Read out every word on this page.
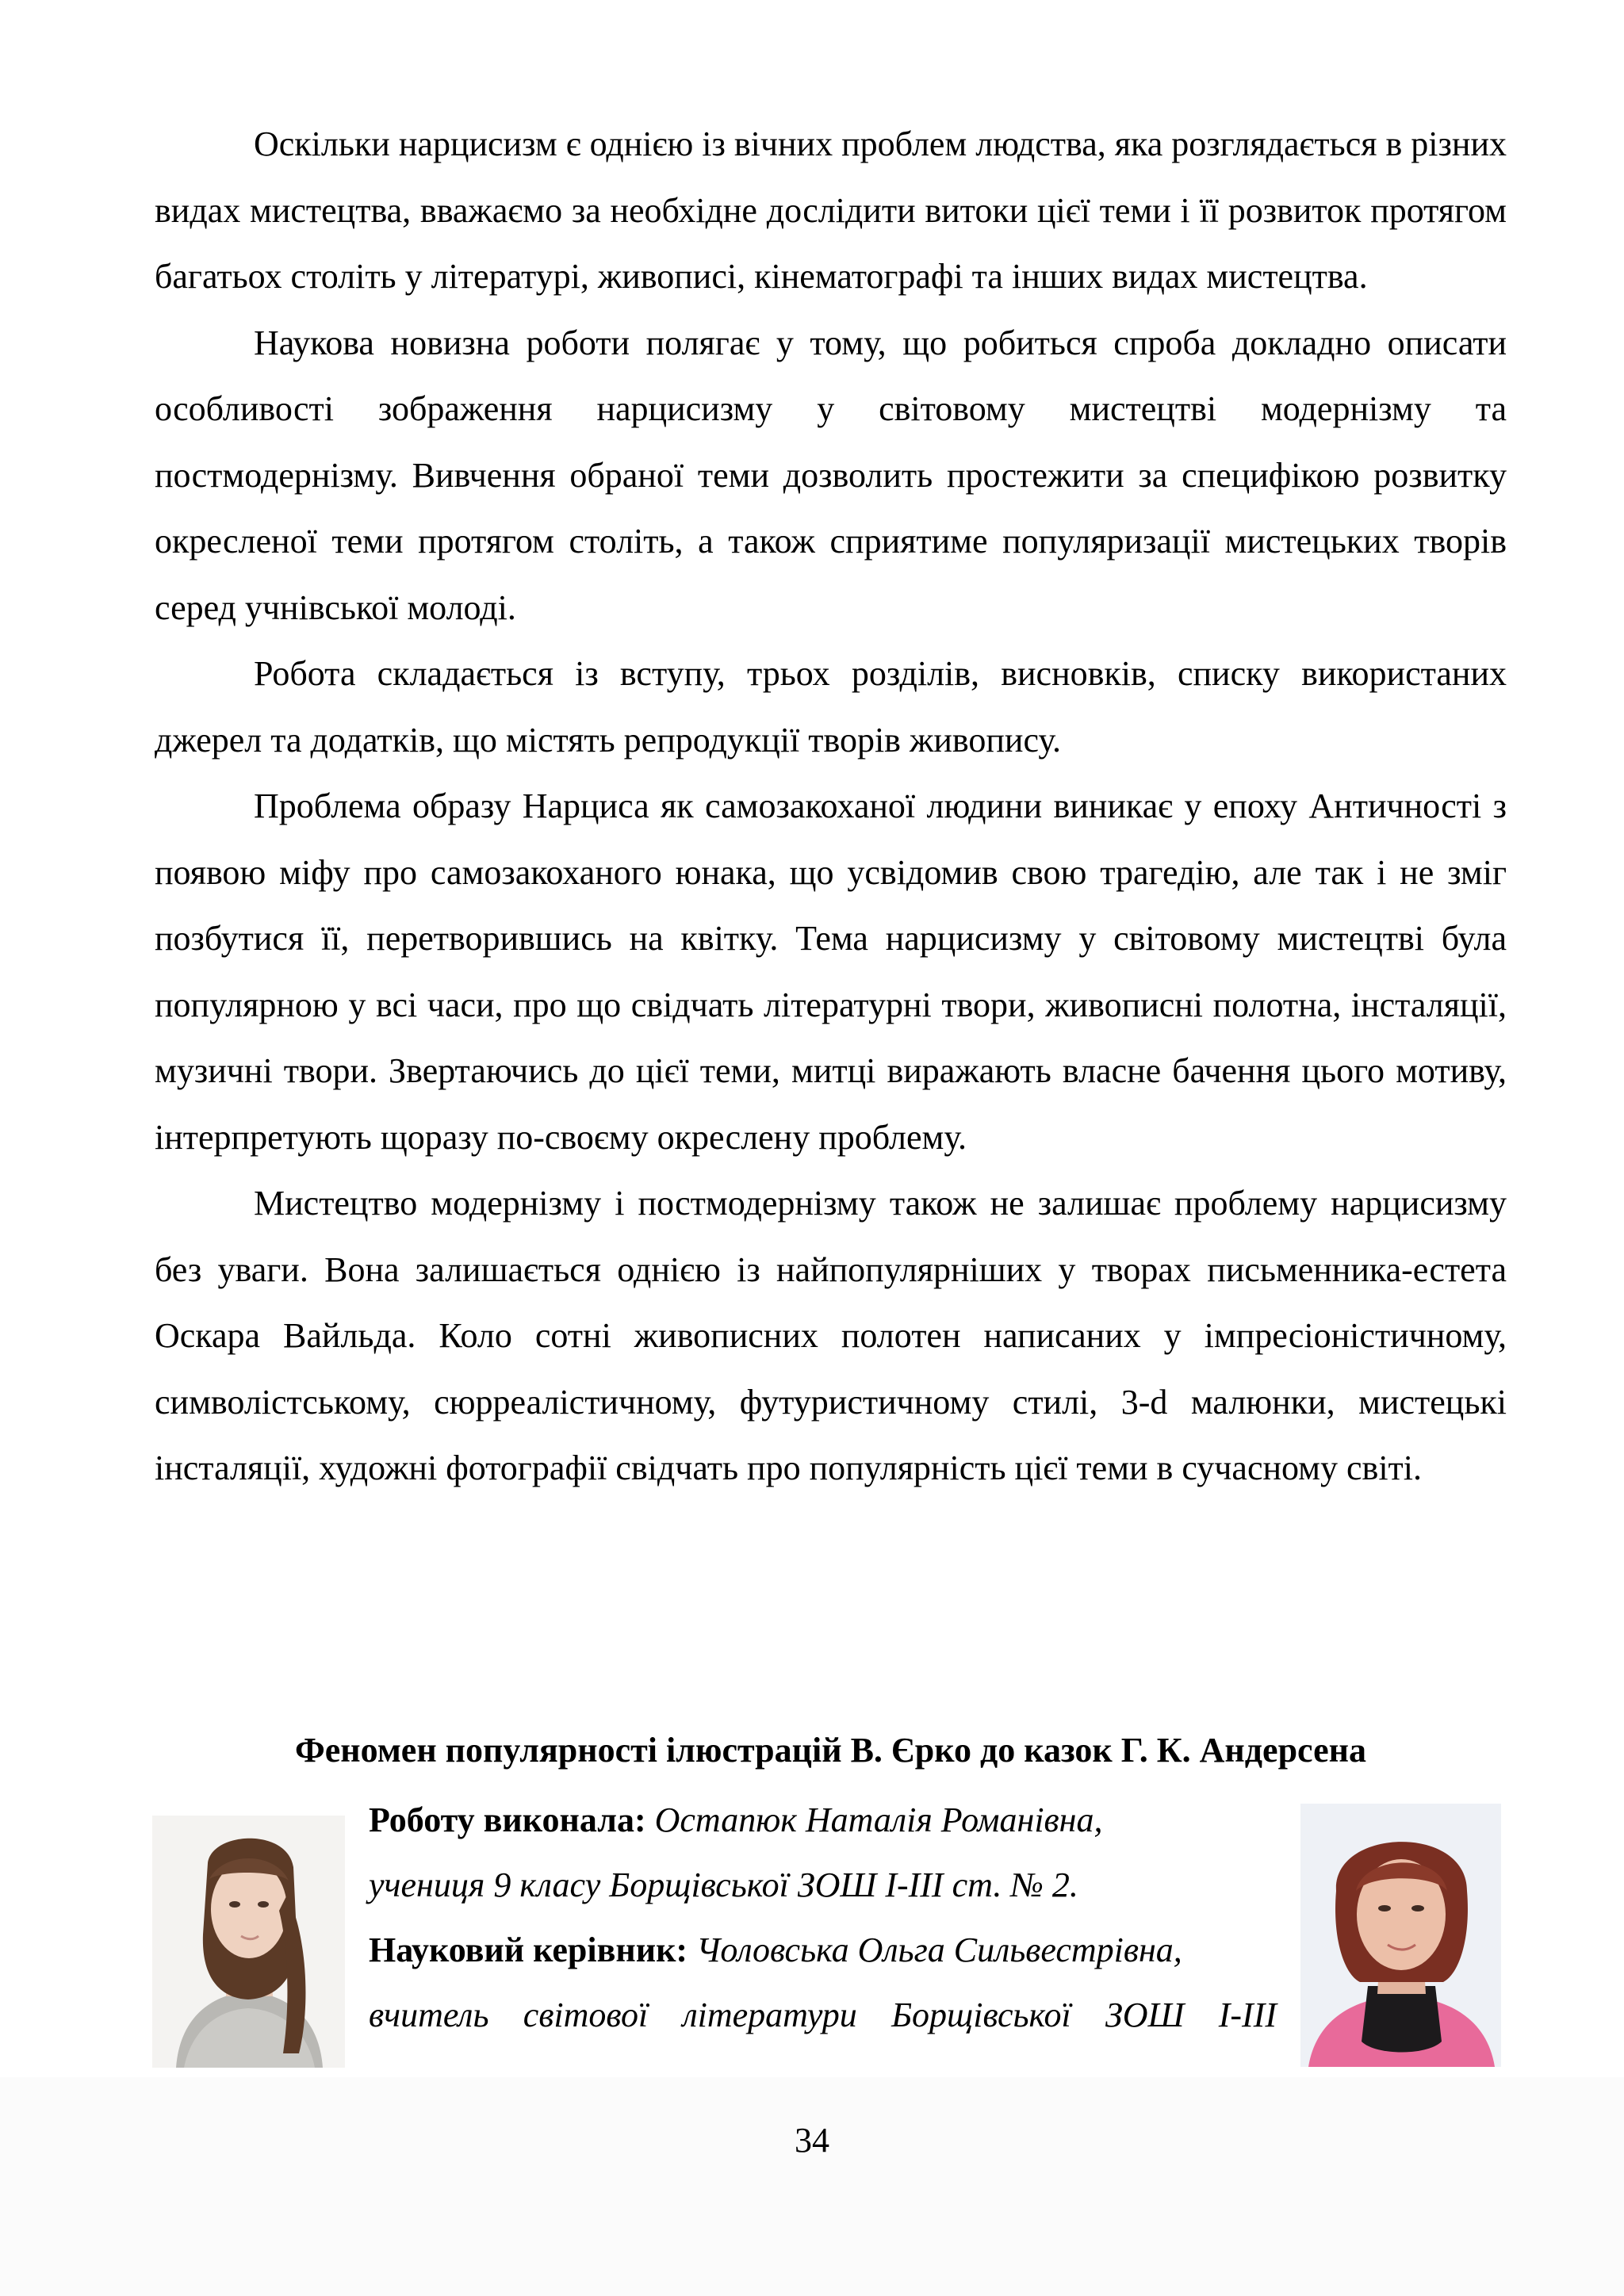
Оскільки нарцисизм є однією із вічних проблем людства, яка розглядається в різних видах мистецтва, вважаємо за необхідне дослідити витоки цієї теми і її розвиток протягом багатьох століть у літературі, живописі, кінематографі та інших видах мистецтва.

Наукова новизна роботи полягає у тому, що робиться спроба докладно описати особливості зображення нарцисизму у світовому мистецтві модернізму та постмодернізму. Вивчення обраної теми дозволить простежити за специфікою розвитку окресленої теми протягом століть, а також сприятиме популяризації мистецьких творів серед учнівської молоді.

Робота складається із вступу, трьох розділів, висновків, списку використаних джерел та додатків, що містять репродукції творів живопису.

Проблема образу Нарциса як самозакоханої людини виникає у епоху Античності з появою міфу про самозакоханого юнака, що усвідомив свою трагедію, але так і не зміг позбутися її, перетворившись на квітку. Тема нарцисизму у світовому мистецтві була популярною у всі часи, про що свідчать літературні твори, живописні полотна, інсталяції, музичні твори. Звертаючись до цієї теми, митці виражають власне бачення цього мотиву, інтерпретують щоразу по-своєму окреслену проблему.

Мистецтво модернізму і постмодернізму також не залишає проблему нарцисизму без уваги. Вона залишається однією із найпопулярніших у творах письменника-естета Оскара Вайльда. Коло сотні живописних полотен написаних у імпресіоністичному, символістському, сюрреалістичному, футуристичному стилі, 3-d малюнки, мистецькі інсталяції, художні фотографії свідчать про популярність цієї теми в сучасному світі.

Феномен популярності ілюстрацій В. Єрко до казок Г. К. Андерсена

Роботу виконала: Остапюк Наталія Романівна,

учениця 9 класу Борщівської ЗОШ І-ІІІ ст. № 2.

Науковий керівник: Чоловська Ольга Сильвестрівна,

вчитель світової літератури Борщівської ЗОШ І-ІІІ

34
